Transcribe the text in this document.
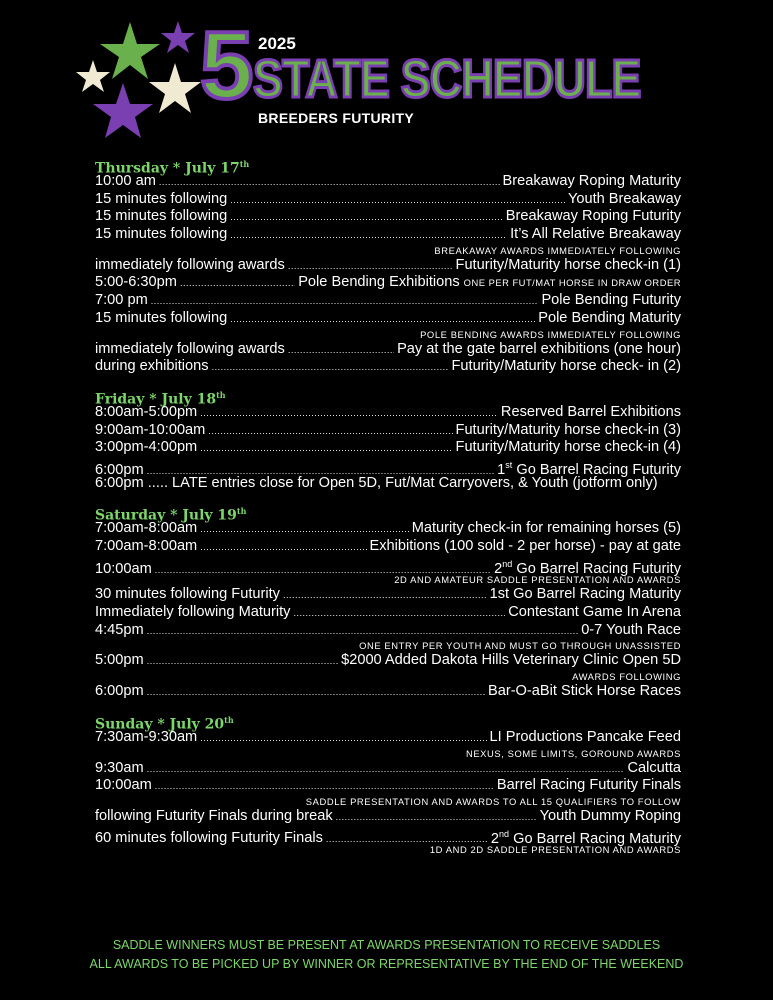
5 2025
STATE SCHEDULE
BREEDERS FUTURITY
Thursday * July 17th
10:00 am .....	Breakaway Roping Maturity
15 minutes following .....	Youth Breakaway
15 minutes following .....	Breakaway Roping Futurity
15 minutes following .....	It’s All Relative Breakaway
BREAKAWAY AWARDS IMMEDIATELY FOLLOWING
immediately following awards .....	Futurity/Maturity horse check-in (1)
5:00-6:30pm .....	Pole Bending Exhibitions ONE PER FUT/MAT HORSE IN DRAW ORDER
7:00 pm .....	Pole Bending Futurity
15 minutes following .....	Pole Bending Maturity
POLE BENDING AWARDS IMMEDIATELY FOLLOWING
immediately following awards .....	Pay at the gate barrel exhibitions (one hour)
during exhibitions .....	Futurity/Maturity horse check- in (2)
Friday * July 18th
8:00am-5:00pm .....	Reserved Barrel Exhibitions
9:00am-10:00am .....	Futurity/Maturity horse check-in (3)
3:00pm-4:00pm .....	Futurity/Maturity horse check-in (4)
6:00pm .....	1st Go Barrel Racing Futurity
6:00pm ..... LATE entries close for Open 5D, Fut/Mat Carryovers, & Youth (jotform only)
Saturday * July 19th
7:00am-8:00am .....	Maturity check-in for remaining horses (5)
7:00am-8:00am .....	Exhibitions (100 sold - 2 per horse) - pay at gate
10:00am .....	2nd Go Barrel Racing Futurity
2D AND AMATEUR SADDLE PRESENTATION AND AWARDS
30 minutes following Futurity .....	1st Go Barrel Racing Maturity
Immediately following Maturity .....	Contestant Game In Arena
4:45pm .....	0-7 Youth Race
ONE ENTRY PER YOUTH AND MUST GO THROUGH UNASSISTED
5:00pm .....	$2000 Added Dakota Hills Veterinary Clinic Open 5D
AWARDS FOLLOWING
6:00pm .....	Bar-O-aBit Stick Horse Races
Sunday * July 20th
7:30am-9:30am .....	LI Productions Pancake Feed
NEXUS, SOME LIMITS, GOROUND AWARDS
9:30am .....	Calcutta
10:00am .....	Barrel Racing Futurity Finals
SADDLE PRESENTATION AND AWARDS TO ALL 15 QUALIFIERS TO FOLLOW
following Futurity Finals during break .....	Youth Dummy Roping
60 minutes following Futurity Finals .....	2nd Go Barrel Racing Maturity
1D AND 2D SADDLE PRESENTATION AND AWARDS
SADDLE WINNERS MUST BE PRESENT AT AWARDS PRESENTATION TO RECEIVE SADDLES
ALL AWARDS TO BE PICKED UP BY WINNER OR REPRESENTATIVE BY THE END OF THE WEEKEND
